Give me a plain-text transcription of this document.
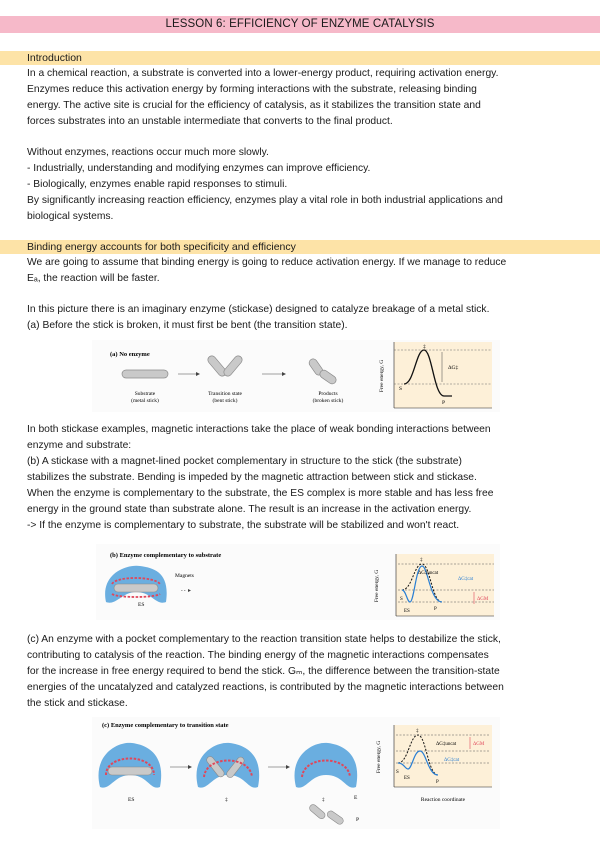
LESSON 6: EFFICIENCY OF ENZYME CATALYSIS
Introduction

In a chemical reaction, a substrate is converted into a lower-energy product, requiring activation energy.

Enzymes reduce this activation energy by forming interactions with the substrate, releasing binding

energy. The active site is crucial for the efficiency of catalysis, as it stabilizes the transition state and

forces substrates into an unstable intermediate that converts to the final product.

Without enzymes, reactions occur much more slowly.

- Industrially, understanding and modifying enzymes can improve efficiency.

- Biologically, enzymes enable rapid responses to stimuli.

By significantly increasing reaction efficiency, enzymes play a vital role in both industrial applications and

biological systems.

Binding energy accounts for both specificity and efficiency

We are going to assume that binding energy is going to reduce activation energy. If we manage to reduce

Eₐ, the reaction will be faster.

In this picture there is an imaginary enzyme (stickase) designed to catalyze breakage of a metal stick.

(a) Before the stick is broken, it must first be bent (the transition state).

(a) No enzyme
Substrate
(metal stick)
Transition state
(bent stick)
Products
(broken stick)
Free energy, G	ΔG‡
S
P
‡

In both stickase examples, magnetic interactions take the place of weak bonding interactions between

enzyme and substrate:

(b) A stickase with a magnet-lined pocket complementary in structure to the stick (the substrate)

stabilizes the substrate. Bending is impeded by the magnetic attraction between stick and stickase.

When the enzyme is complementary to the substrate, the ES complex is more stable and has less free

energy in the ground state than substrate alone. The result is an increase in the activation energy.

-> If the enzyme is complementary to substrate, the substrate will be stabilized and won't react.

(b) Enzyme complementary to substrate
ES
Magnets
- -	Free energy, G	ΔG‡uncat
ΔG‡cat
ΔGM
S
P
ES
‡

(c) An enzyme with a pocket complementary to the reaction transition state helps to destabilize the stick,

contributing to catalysis of the reaction. The binding energy of the magnetic interactions compensates

for the increase in free energy required to bend the stick. Gₘ, the difference between the transition-state

energies of the uncatalyzed and catalyzed reactions, is contributed by the magnetic interactions between

the stick and stickase.

(c) Enzyme complementary to transition state
ES	‡	E
‡
P
Free energy, G	ΔG‡uncat
ΔG‡cat
ΔGM
S
P
ES
‡
Reaction coordinate
